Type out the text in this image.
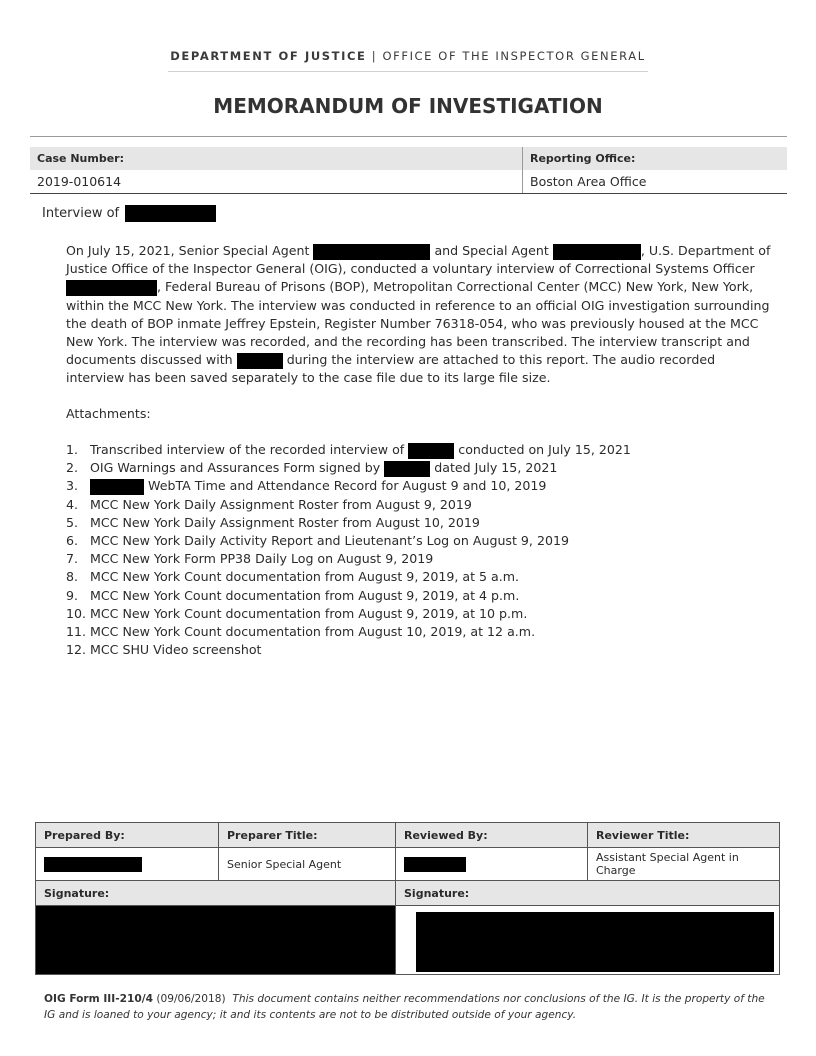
DEPARTMENT OF JUSTICE | OFFICE OF THE INSPECTOR GENERAL
MEMORANDUM OF INVESTIGATION
Case Number:	Reporting Office:
2019-010614	Boston Area Office
Interview of
On July 15, 2021, Senior Special Agent	and Special Agent	, U.S. Department of Justice Office of the Inspector General (OIG), conducted a voluntary interview of Correctional Systems Officer , Federal Bureau of Prisons (BOP), Metropolitan Correctional Center (MCC) New York, New York, within the MCC New York. The interview was conducted in reference to an official OIG investigation surrounding the death of BOP inmate Jeffrey Epstein, Register Number 76318-054, who was previously housed at the MCC New York. The interview was recorded, and the recording has been transcribed. The interview transcript and documents discussed with	during the interview are attached to this report. The audio recorded interview has been saved separately to the case file due to its large file size.
Attachments:
1. Transcribed interview of the recorded interview of	conducted on July 15, 2021
2. OIG Warnings and Assurances Form signed by	dated July 15, 2021
3.	WebTA Time and Attendance Record for August 9 and 10, 2019
4. MCC New York Daily Assignment Roster from August 9, 2019
5. MCC New York Daily Assignment Roster from August 10, 2019
6. MCC New York Daily Activity Report and Lieutenant’s Log on August 9, 2019
7. MCC New York Form PP38 Daily Log on August 9, 2019
8. MCC New York Count documentation from August 9, 2019, at 5 a.m.
9. MCC New York Count documentation from August 9, 2019, at 4 p.m.
10. MCC New York Count documentation from August 9, 2019, at 10 p.m.
11. MCC New York Count documentation from August 10, 2019, at 12 a.m.
12. MCC SHU Video screenshot
Prepared By:	Preparer Title:	Reviewed By:	Reviewer Title:
	Senior Special Agent		Assistant Special Agent in Charge
Signature:		Signature:	

OIG Form III-210/4 (09/06/2018) This document contains neither recommendations nor conclusions of the IG. It is the property of the IG and is loaned to your agency; it and its contents are not to be distributed outside of your agency.
